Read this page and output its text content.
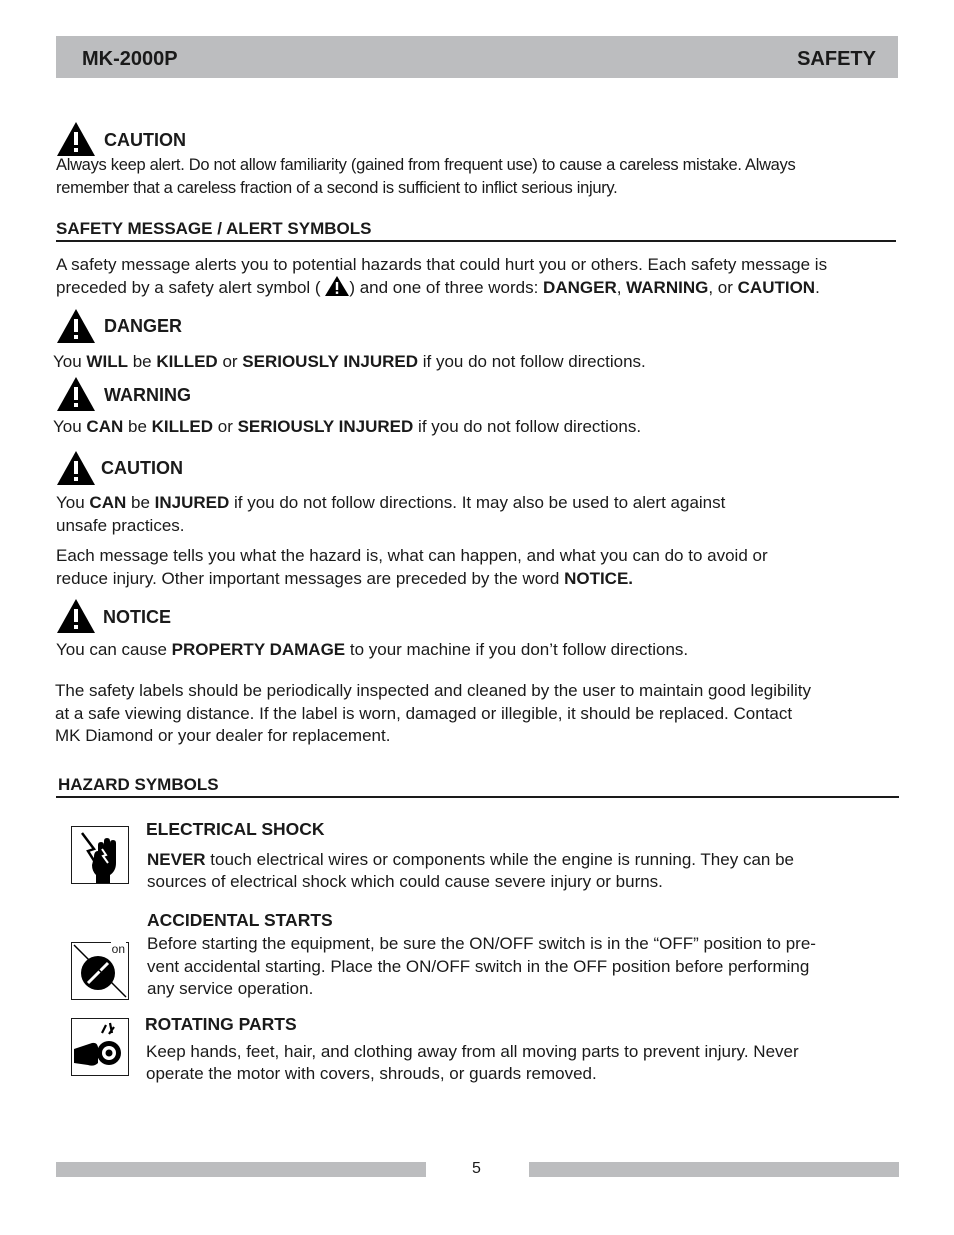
MK-2000P	SAFETY
CAUTION
Always keep alert. Do not allow familiarity (gained from frequent use) to cause a careless mistake. Always
remember that a careless fraction of a second is sufficient to inflict serious injury.
SAFETY MESSAGE / ALERT SYMBOLS
A safety message alerts you to potential hazards that could hurt you or others. Each safety message is
preceded by a safety alert symbol ( ) and one of three words: DANGER, WARNING, or CAUTION.
DANGER
You WILL be KILLED or SERIOUSLY INJURED if you do not follow directions.
WARNING
You CAN be KILLED or SERIOUSLY INJURED if you do not follow directions.
CAUTION
You CAN be INJURED if you do not follow directions. It may also be used to alert against
unsafe practices.
Each message tells you what the hazard is, what can happen, and what you can do to avoid or
reduce injury. Other important messages are preceded by the word NOTICE.
NOTICE
You can cause PROPERTY DAMAGE to your machine if you don’t follow directions.
The safety labels should be periodically inspected and cleaned by the user to maintain good legibility
at a safe viewing distance. If the label is worn, damaged or illegible, it should be replaced. Contact
MK Diamond or your dealer for replacement.
HAZARD SYMBOLS
ELECTRICAL SHOCK
NEVER touch electrical wires or components while the engine is running. They can be
sources of electrical shock which could cause severe injury or burns.
ACCIDENTAL STARTS
Before starting the equipment, be sure the ON/OFF switch is in the “OFF” position to pre-
vent accidental starting. Place the ON/OFF switch in the OFF position before performing
any service operation.
on
ROTATING PARTS
Keep hands, feet, hair, and clothing away from all moving parts to prevent injury. Never
operate the motor with covers, shrouds, or guards removed.
5
